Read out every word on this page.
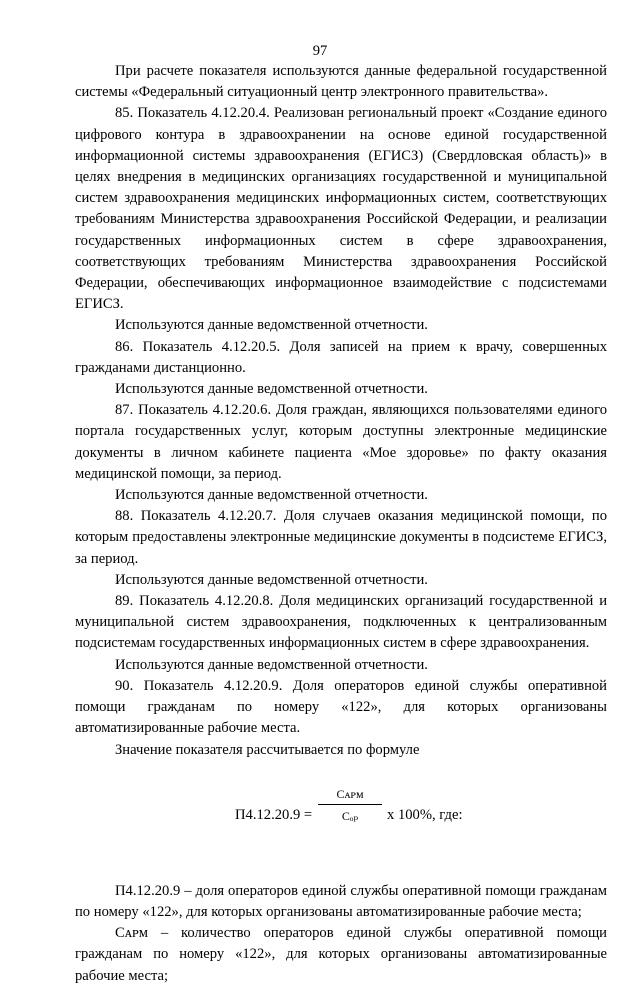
97

При расчете показателя используются данные федеральной государственной системы «Федеральный ситуационный центр электронного правительства».

85. Показатель 4.12.20.4. Реализован региональный проект «Создание единого цифрового контура в здравоохранении на основе единой государственной информационной системы здравоохранения (ЕГИСЗ) (Свердловская область)» в целях внедрения в медицинских организациях государственной и муниципальной систем здравоохранения медицинских информационных систем, соответствующих требованиям Министерства здравоохранения Российской Федерации, и реализации государственных информационных систем в сфере здравоохранения, соответствующих требованиям Министерства здравоохранения Российской Федерации, обеспечивающих информационное взаимодействие с подсистемами ЕГИСЗ.

Используются данные ведомственной отчетности.

86. Показатель 4.12.20.5. Доля записей на прием к врачу, совершенных гражданами дистанционно.

Используются данные ведомственной отчетности.

87. Показатель 4.12.20.6. Доля граждан, являющихся пользователями единого портала государственных услуг, которым доступны электронные медицинские документы в личном кабинете пациента «Мое здоровье» по факту оказания медицинской помощи, за период.

Используются данные ведомственной отчетности.

88. Показатель 4.12.20.7. Доля случаев оказания медицинской помощи, по которым предоставлены электронные медицинские документы в подсистеме ЕГИСЗ, за период.

Используются данные ведомственной отчетности.

89. Показатель 4.12.20.8. Доля медицинских организаций государственной и муниципальной систем здравоохранения, подключенных к централизованным подсистемам государственных информационных систем в сфере здравоохранения.

Используются данные ведомственной отчетности.

90. Показатель 4.12.20.9. Доля операторов единой службы оперативной помощи гражданам по номеру «122», для которых организованы автоматизированные рабочие места.

Значение показателя рассчитывается по формуле

П4.12.20.9 =
Cᴀᴘᴍ
Cₒₚ	x 100%, где:

П4.12.20.9 – доля операторов единой службы оперативной помощи гражданам по номеру «122», для которых организованы автоматизированные рабочие места;

Cᴀᴘᴍ – количество операторов единой службы оперативной помощи гражданам по номеру «122», для которых организованы автоматизированные рабочие места;
